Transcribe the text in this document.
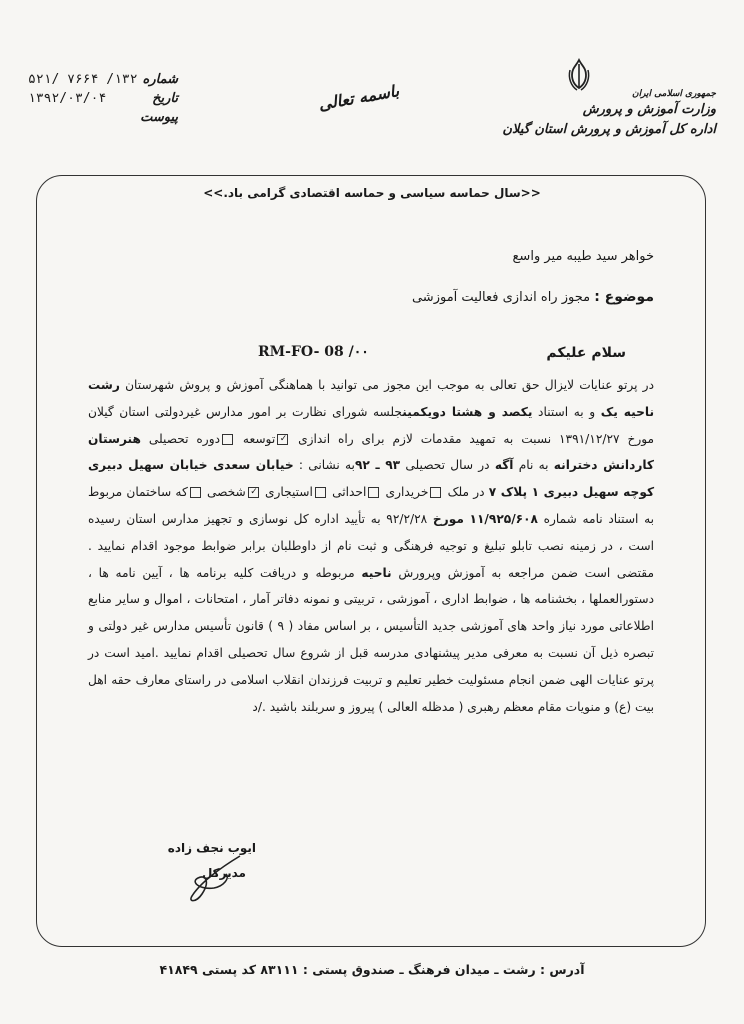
شماره
۵۲۱/ ۷۶۶۴ /۱۳۲
تاریخ
۱۳۹۲/۰۳/۰۴
پیوست
باسمه تعالی	جمهوری اسلامی ایران
وزارت آموزش و پرورش
اداره کل آموزش و پرورش استان گیلان
<<سال حماسه سیاسی و حماسه اقتصادی گرامی باد.>>
خواهر سید طیبه میر واسع
موضوع : مجوز راه اندازی فعالیت آموزشی
سلام علیکم
RM-FO- 08 /۰۰

در پرتو عنایات لایزال حق تعالی به موجب این مجوز می توانید با هماهنگی آموزش و پروش شهرستان رشت ناحیه یک و به استناد یکصد و هشتا دویکمینجلسه شورای نظارت بر امور مدارس غیردولتی استان گیلان مورخ ۱۳۹۱/۱۲/۲۷ نسبت به تمهید مقدمات لازم برای راه اندازی ✓توسعه دوره تحصیلی هنرستان کاردانش دخترانه به نام آگه در سال تحصیلی ۹۳ ـ ۹۲به نشانی : خیابان سعدی خیابان سهیل دبیری کوچه سهیل دبیری ۱ پلاک ۷ در ملک خریداری احداثی استیجاری ✓شخصی که ساختمان مربوط به استناد نامه شماره ۱۱/۹۲۵/۶۰۸ مورخ ۹۲/۲/۲۸ به تأیید اداره کل نوسازی و تجهیز مدارس استان رسیده است ، در زمینه نصب تابلو تبلیغ و توجیه فرهنگی و ثبت نام از داوطلبان برابر ضوابط موجود اقدام نمایید . مقتضی است ضمن مراجعه به آموزش وپرورش ناحیه مربوطه و دریافت کلیه برنامه ها ، آیین نامه ها ، دستورالعملها ، بخشنامه ها ، ضوابط اداری ، آموزشی ، تربیتی و نمونه دفاتر آمار ، امتحانات ، اموال و سایر منابع اطلاعاتی مورد نیاز واحد های آموزشی جدید التأسیس ، بر اساس مفاد ( ۹ ) قانون تأسیس مدارس غیر دولتی و تبصره ذیل آن نسبت به معرفی مدیر پیشنهادی مدرسه قبل از شروع سال تحصیلی اقدام نمایید .امید است در پرتو عنایات الهی ضمن انجام مسئولیت خطیر تعلیم و تربیت فرزندان انقلاب اسلامی در راستای معارف حقه اهل بیت (ع) و منویات مقام معظم رهبری ( مدظله العالی ) پیروز و سربلند باشید ./د

ایوب نجف زاده
مدیرکل
آدرس : رشت ـ میدان فرهنگ ـ صندوق پستی : ۸۳۱۱۱ کد پستی ۴۱۸۴۹
